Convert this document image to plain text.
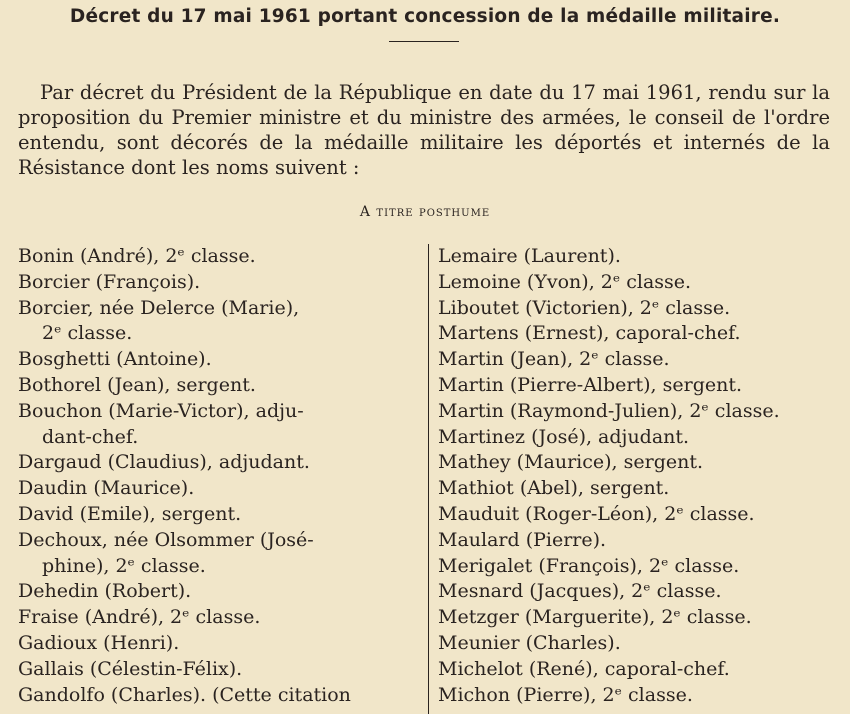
Décret du 17 mai 1961 portant concession de la médaille militaire.
Par décret du Président de la République en date du 17 mai 1961, rendu sur la proposition du Premier ministre et du ministre des armées, le conseil de l'ordre entendu, sont décorés de la médaille militaire les déportés et internés de la Résistance dont les noms suivent :
A titre posthume
Bonin (André), 2ᵉ classe.
Borcier (François).
Borcier, née Delerce (Marie),
2ᵉ classe.
Bosghetti (Antoine).
Bothorel (Jean), sergent.
Bouchon (Marie-Victor), adju-
dant-chef.
Dargaud (Claudius), adjudant.
Daudin (Maurice).
David (Emile), sergent.
Dechoux, née Olsommer (José-
phine), 2ᵉ classe.
Dehedin (Robert).
Fraise (André), 2ᵉ classe.
Gadioux (Henri).
Gallais (Célestin-Félix).
Gandolfo (Charles). (Cette citation
Lemaire (Laurent).
Lemoine (Yvon), 2ᵉ classe.
Liboutet (Victorien), 2ᵉ classe.
Martens (Ernest), caporal-chef.
Martin (Jean), 2ᵉ classe.
Martin (Pierre-Albert), sergent.
Martin (Raymond-Julien), 2ᵉ classe.
Martinez (José), adjudant.
Mathey (Maurice), sergent.
Mathiot (Abel), sergent.
Mauduit (Roger-Léon), 2ᵉ classe.
Maulard (Pierre).
Merigalet (François), 2ᵉ classe.
Mesnard (Jacques), 2ᵉ classe.
Metzger (Marguerite), 2ᵉ classe.
Meunier (Charles).
Michelot (René), caporal-chef.
Michon (Pierre), 2ᵉ classe.
